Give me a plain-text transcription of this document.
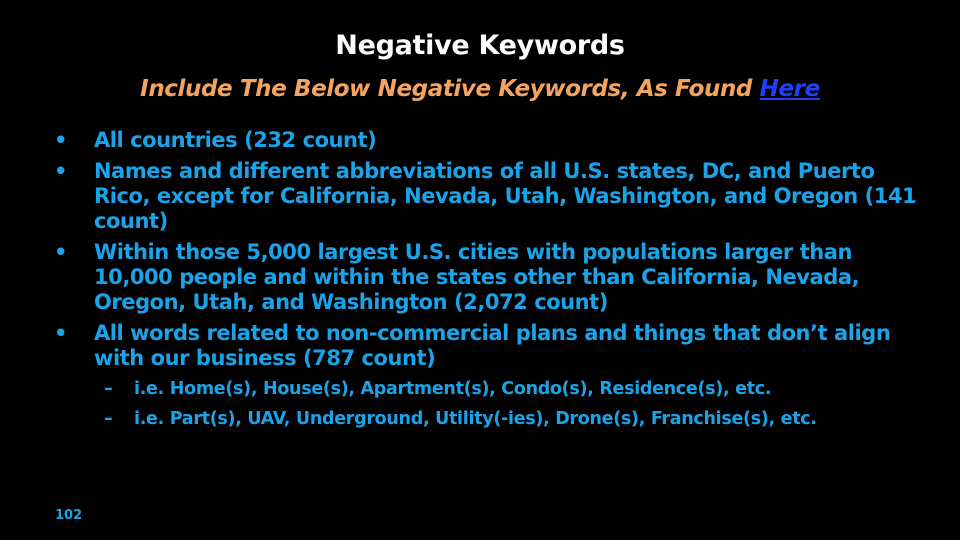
Negative Keywords
Include The Below Negative Keywords, As Found Here
• All countries (232 count)
• Names and different abbreviations of all U.S. states, DC, and Puerto Rico, except for California, Nevada, Utah, Washington, and Oregon (141 count)
• Within those 5,000 largest U.S. cities with populations larger than 10,000 people and within the states other than California, Nevada, Oregon, Utah, and Washington (2,072 count)
• All words related to non-commercial plans and things that don’t align with our business (787 count)
– i.e. Home(s), House(s), Apartment(s), Condo(s), Residence(s), etc.
– i.e. Part(s), UAV, Underground, Utility(-ies), Drone(s), Franchise(s), etc.
102
